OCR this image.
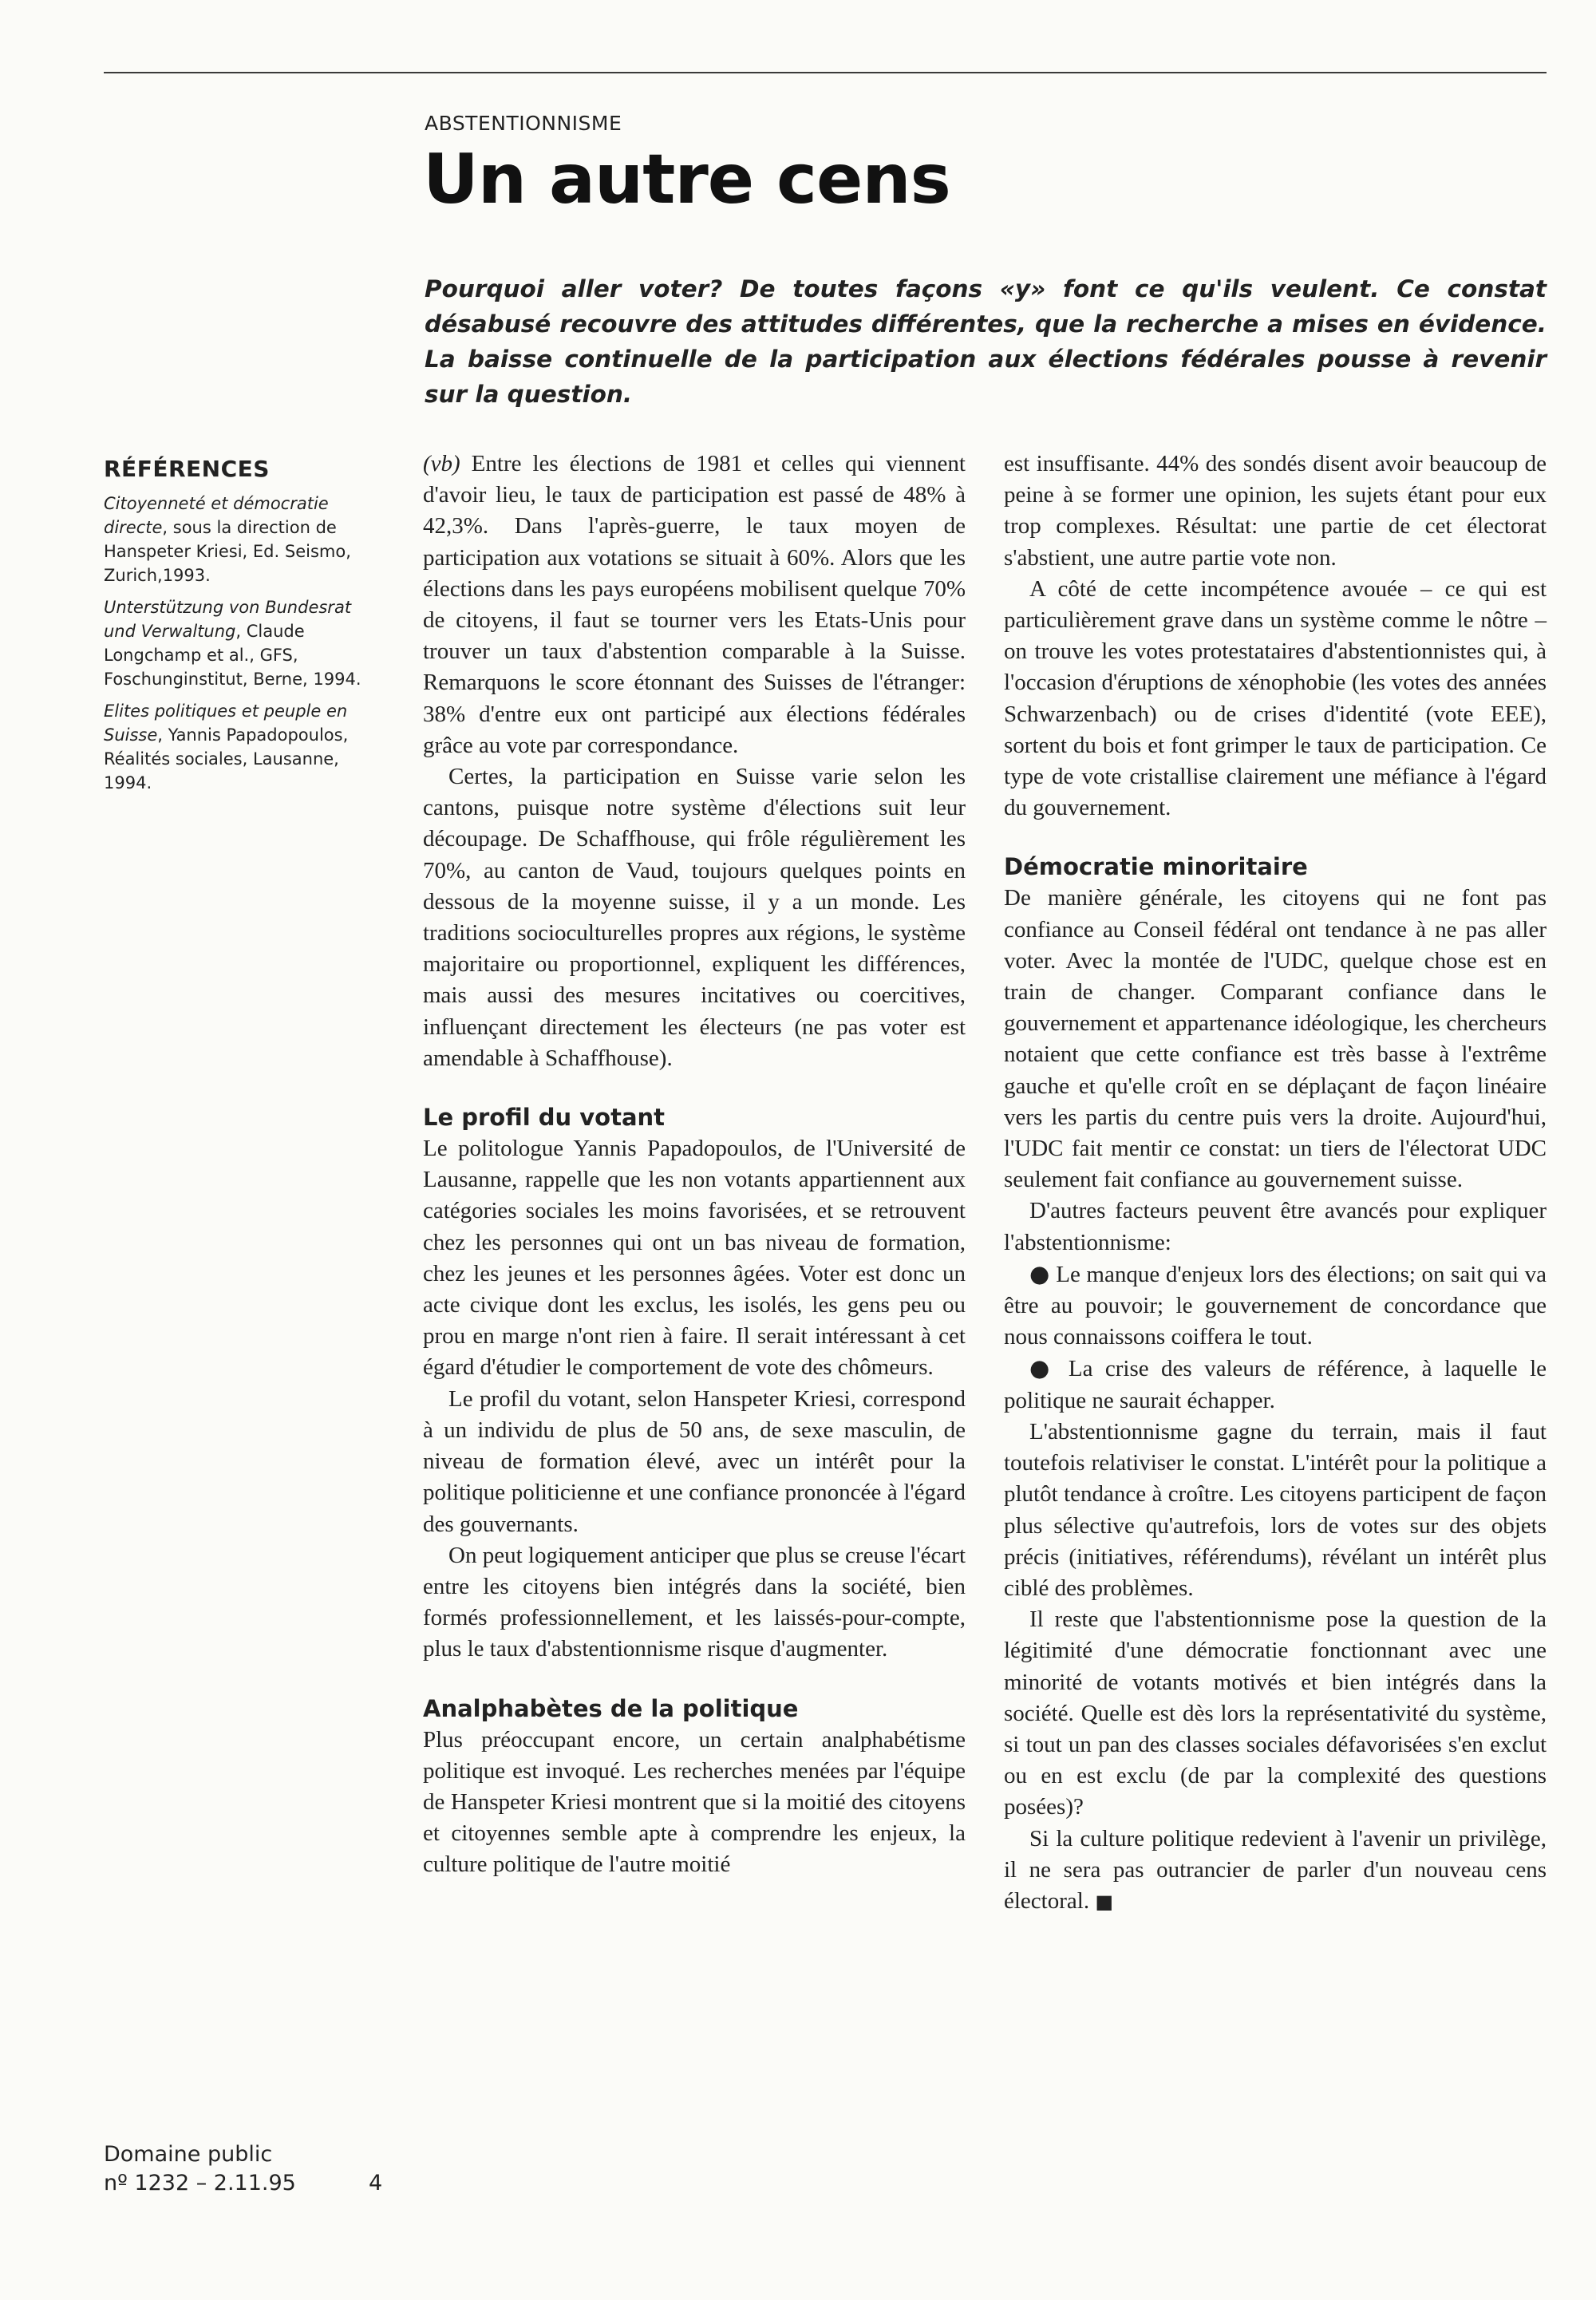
ABSTENTIONNISME
Un autre cens

Pourquoi aller voter? De toutes façons «y» font ce qu'ils veulent. Ce constat désabusé recouvre des attitudes différentes, que la recherche a mises en évidence. La baisse continuelle de la participation aux élections fédérales pousse à revenir sur la question.

RÉFÉRENCES

Citoyenneté et démocratie directe, sous la direction de Hanspeter Kriesi, Ed. Seismo, Zurich,1993.

Unterstützung von Bundesrat und Verwaltung, Claude Longchamp et al., GFS, Foschunginstitut, Berne, 1994.

Elites politiques et peuple en Suisse, Yannis Papadopoulos, Réalités sociales, Lausanne, 1994.

Domaine public
nº 1232 – 2.11.95	4

(vb) Entre les élections de 1981 et celles qui viennent d'avoir lieu, le taux de participation est passé de 48% à 42,3%. Dans l'après-guerre, le taux moyen de participation aux votations se situait à 60%. Alors que les élections dans les pays européens mobilisent quelque 70% de citoyens, il faut se tourner vers les Etats-Unis pour trouver un taux d'abstention comparable à la Suisse. Remarquons le score étonnant des Suisses de l'étranger: 38% d'entre eux ont participé aux élections fédérales grâce au vote par correspondance.

Certes, la participation en Suisse varie selon les cantons, puisque notre système d'élections suit leur découpage. De Schaffhouse, qui frôle régulièrement les 70%, au canton de Vaud, toujours quelques points en dessous de la moyenne suisse, il y a un monde. Les traditions socioculturelles propres aux régions, le système majoritaire ou proportionnel, expliquent les différences, mais aussi des mesures incitatives ou coercitives, influençant directement les électeurs (ne pas voter est amendable à Schaffhouse).

Le profil du votant

Le politologue Yannis Papadopoulos, de l'Université de Lausanne, rappelle que les non votants appartiennent aux catégories sociales les moins favorisées, et se retrouvent chez les personnes qui ont un bas niveau de formation, chez les jeunes et les personnes âgées. Voter est donc un acte civique dont les exclus, les isolés, les gens peu ou prou en marge n'ont rien à faire. Il serait intéressant à cet égard d'étudier le comportement de vote des chômeurs.

Le profil du votant, selon Hanspeter Kriesi, correspond à un individu de plus de 50 ans, de sexe masculin, de niveau de formation élevé, avec un intérêt pour la politique politicienne et une confiance prononcée à l'égard des gouvernants.

On peut logiquement anticiper que plus se creuse l'écart entre les citoyens bien intégrés dans la société, bien formés professionnellement, et les laissés-pour-compte, plus le taux d'abstentionnisme risque d'augmenter.

Analphabètes de la politique

Plus préoccupant encore, un certain analphabétisme politique est invoqué. Les recherches menées par l'équipe de Hanspeter Kriesi montrent que si la moitié des citoyens et citoyennes semble apte à comprendre les enjeux, la culture politique de l'autre moitié

est insuffisante. 44% des sondés disent avoir beaucoup de peine à se former une opinion, les sujets étant pour eux trop complexes. Résultat: une partie de cet électorat s'abstient, une autre partie vote non.

A côté de cette incompétence avouée – ce qui est particulièrement grave dans un système comme le nôtre – on trouve les votes protestataires d'abstentionnistes qui, à l'occasion d'éruptions de xénophobie (les votes des années Schwarzenbach) ou de crises d'identité (vote EEE), sortent du bois et font grimper le taux de participation. Ce type de vote cristallise clairement une méfiance à l'égard du gouvernement.

Démocratie minoritaire

De manière générale, les citoyens qui ne font pas confiance au Conseil fédéral ont tendance à ne pas aller voter. Avec la montée de l'UDC, quelque chose est en train de changer. Comparant confiance dans le gouvernement et appartenance idéologique, les chercheurs notaient que cette confiance est très basse à l'extrême gauche et qu'elle croît en se déplaçant de façon linéaire vers les partis du centre puis vers la droite. Aujourd'hui, l'UDC fait mentir ce constat: un tiers de l'électorat UDC seulement fait confiance au gouvernement suisse.

D'autres facteurs peuvent être avancés pour expliquer l'abstentionnisme:

● Le manque d'enjeux lors des élections; on sait qui va être au pouvoir; le gouvernement de concordance que nous connaissons coiffera le tout.

● La crise des valeurs de référence, à laquelle le politique ne saurait échapper.

L'abstentionnisme gagne du terrain, mais il faut toutefois relativiser le constat. L'intérêt pour la politique a plutôt tendance à croître. Les citoyens participent de façon plus sélective qu'autrefois, lors de votes sur des objets précis (initiatives, référendums), révélant un intérêt plus ciblé des problèmes.

Il reste que l'abstentionnisme pose la question de la légitimité d'une démocratie fonctionnant avec une minorité de votants motivés et bien intégrés dans la société. Quelle est dès lors la représentativité du système, si tout un pan des classes sociales défavorisées s'en exclut ou en est exclu (de par la complexité des questions posées)?

Si la culture politique redevient à l'avenir un privilège, il ne sera pas outrancier de parler d'un nouveau cens électoral. ■
